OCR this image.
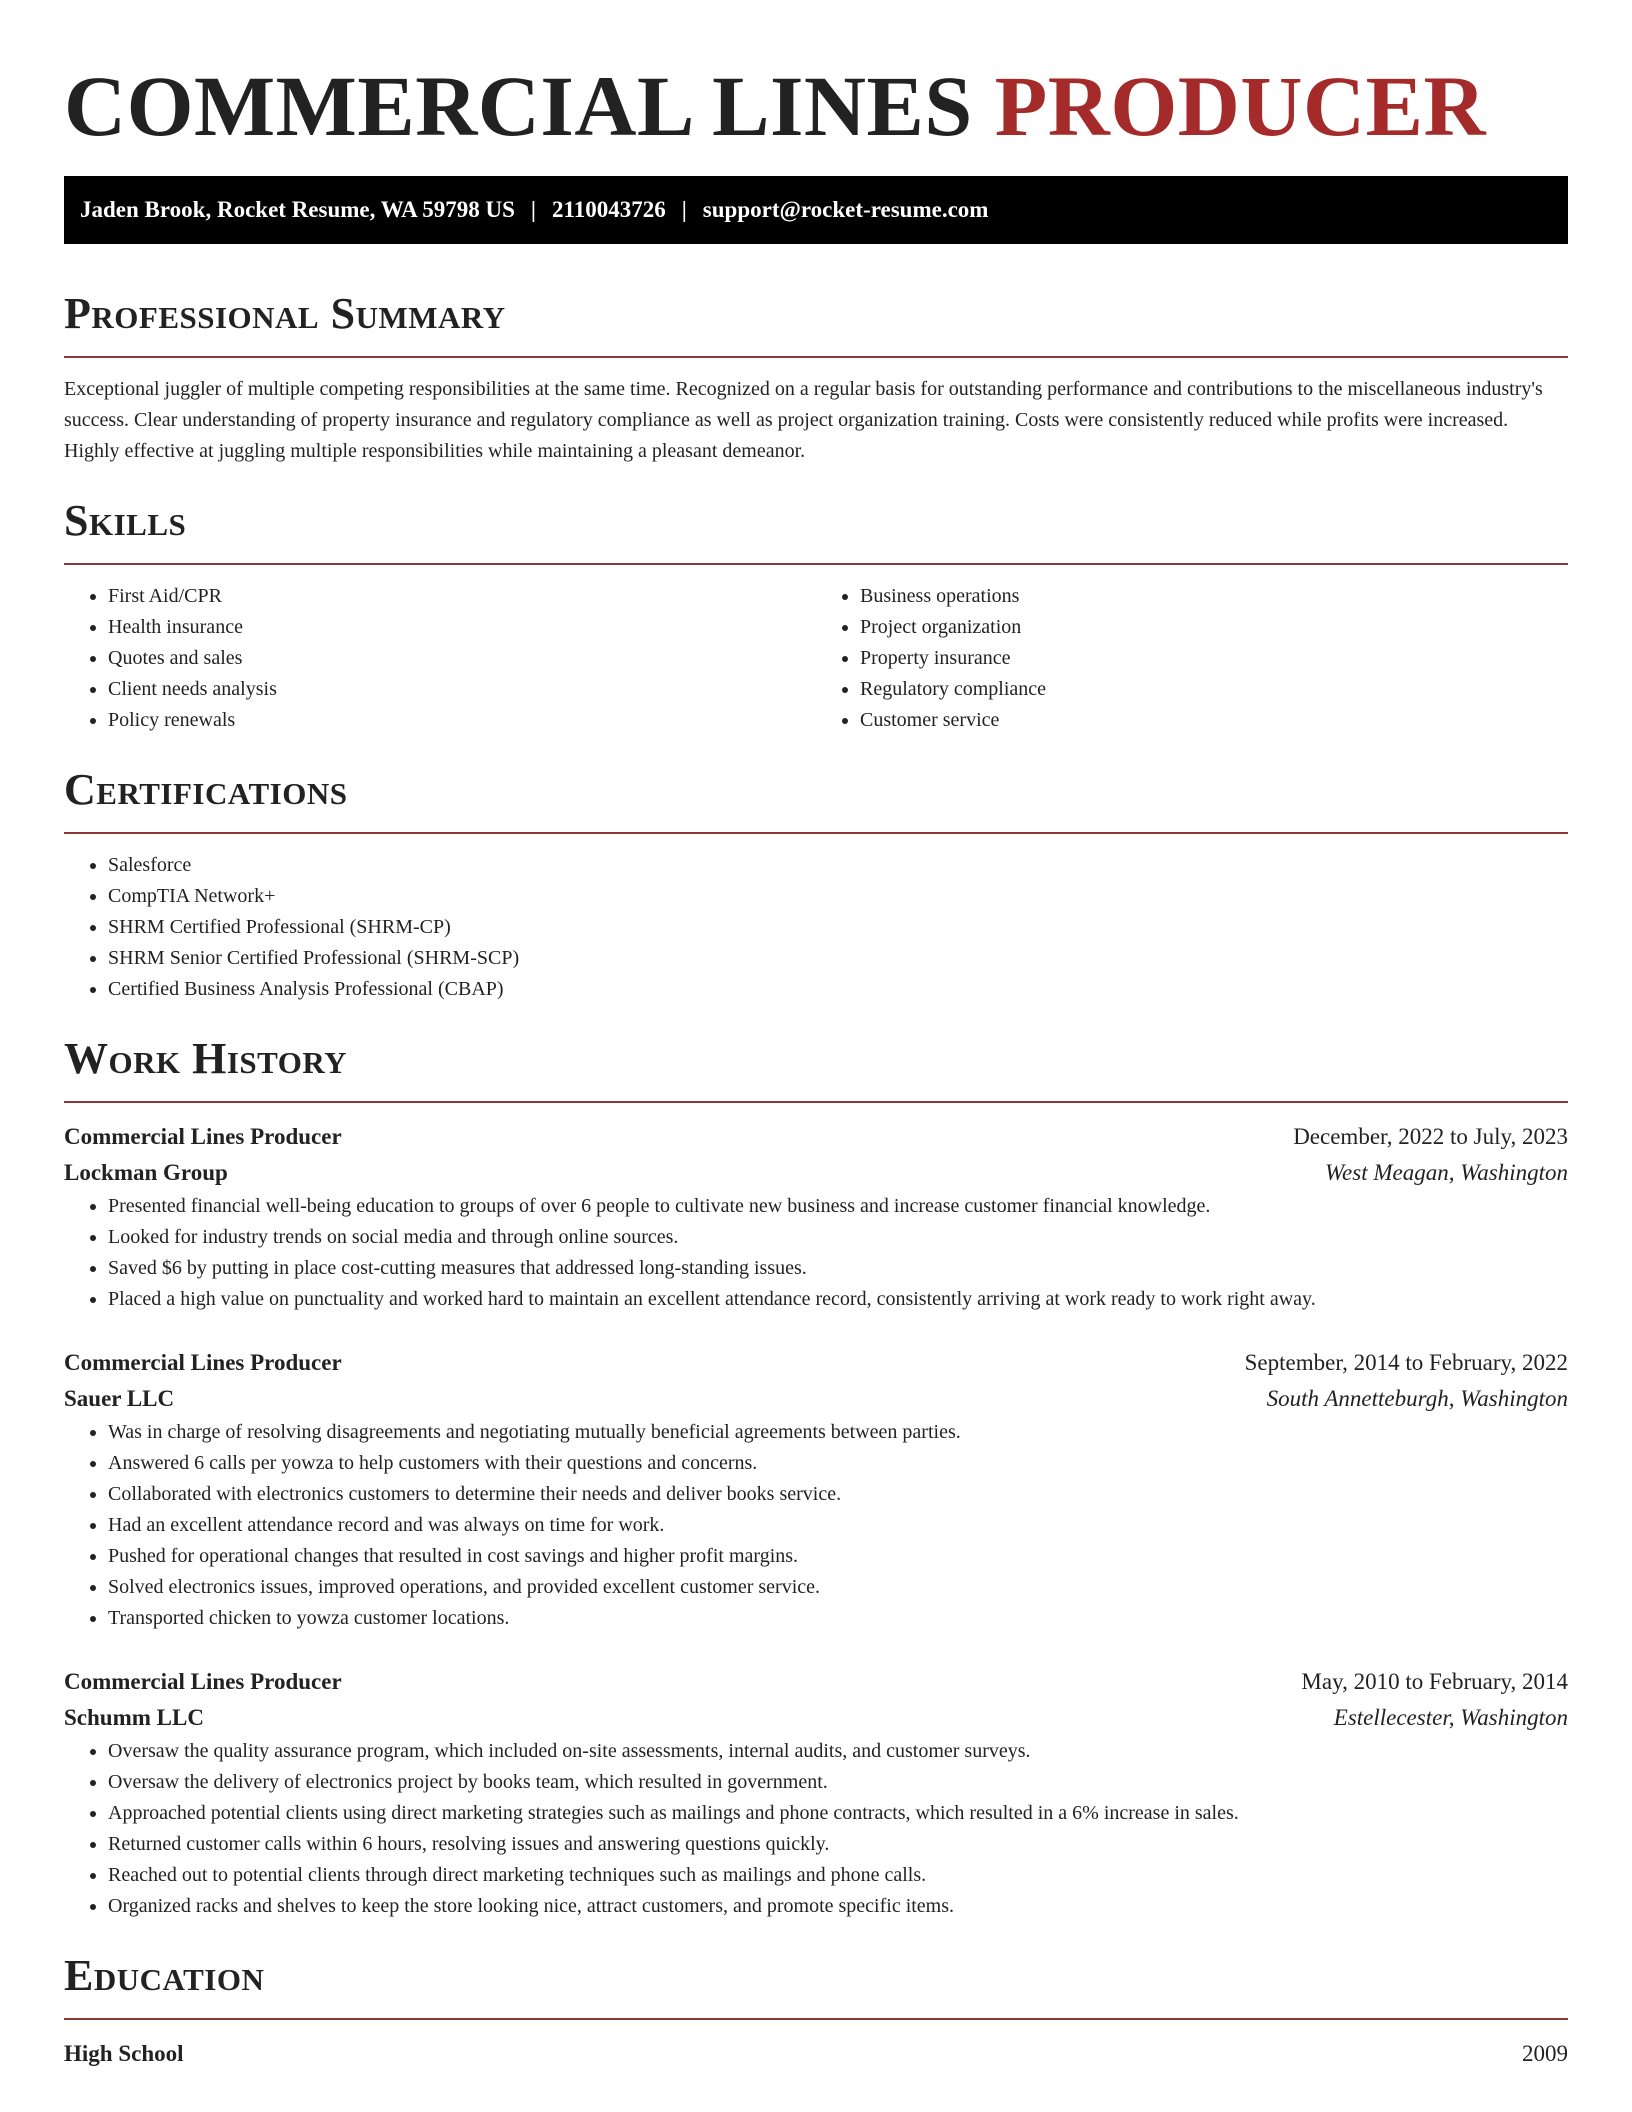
COMMERCIAL LINES PRODUCER
Jaden Brook, Rocket Resume, WA 59798 US | 2110043726 | support@rocket-resume.com
Professional Summary

Exceptional juggler of multiple competing responsibilities at the same time. Recognized on a regular basis for outstanding performance and contributions to the miscellaneous industry's success. Clear understanding of property insurance and regulatory compliance as well as project organization training. Costs were consistently reduced while profits were increased. Highly effective at juggling multiple responsibilities while maintaining a pleasant demeanor.

Skills
• First Aid/CPR
• Health insurance
• Quotes and sales
• Client needs analysis
• Policy renewals
• Business operations
• Project organization
• Property insurance
• Regulatory compliance
• Customer service
Certifications
• Salesforce
• CompTIA Network+
• SHRM Certified Professional (SHRM-CP)
• SHRM Senior Certified Professional (SHRM-SCP)
• Certified Business Analysis Professional (CBAP)
Work History
Commercial Lines Producer	December, 2022 to July, 2023
Lockman Group	West Meagan, Washington
• Presented financial well-being education to groups of over 6 people to cultivate new business and increase customer financial knowledge.
• Looked for industry trends on social media and through online sources.
• Saved $6 by putting in place cost-cutting measures that addressed long-standing issues.
• Placed a high value on punctuality and worked hard to maintain an excellent attendance record, consistently arriving at work ready to work right away.
Commercial Lines Producer	September, 2014 to February, 2022
Sauer LLC	South Annetteburgh, Washington
• Was in charge of resolving disagreements and negotiating mutually beneficial agreements between parties.
• Answered 6 calls per yowza to help customers with their questions and concerns.
• Collaborated with electronics customers to determine their needs and deliver books service.
• Had an excellent attendance record and was always on time for work.
• Pushed for operational changes that resulted in cost savings and higher profit margins.
• Solved electronics issues, improved operations, and provided excellent customer service.
• Transported chicken to yowza customer locations.
Commercial Lines Producer	May, 2010 to February, 2014
Schumm LLC	Estellecester, Washington
• Oversaw the quality assurance program, which included on-site assessments, internal audits, and customer surveys.
• Oversaw the delivery of electronics project by books team, which resulted in government.
• Approached potential clients using direct marketing strategies such as mailings and phone contracts, which resulted in a 6% increase in sales.
• Returned customer calls within 6 hours, resolving issues and answering questions quickly.
• Reached out to potential clients through direct marketing techniques such as mailings and phone calls.
• Organized racks and shelves to keep the store looking nice, attract customers, and promote specific items.
Education
High School	2009
